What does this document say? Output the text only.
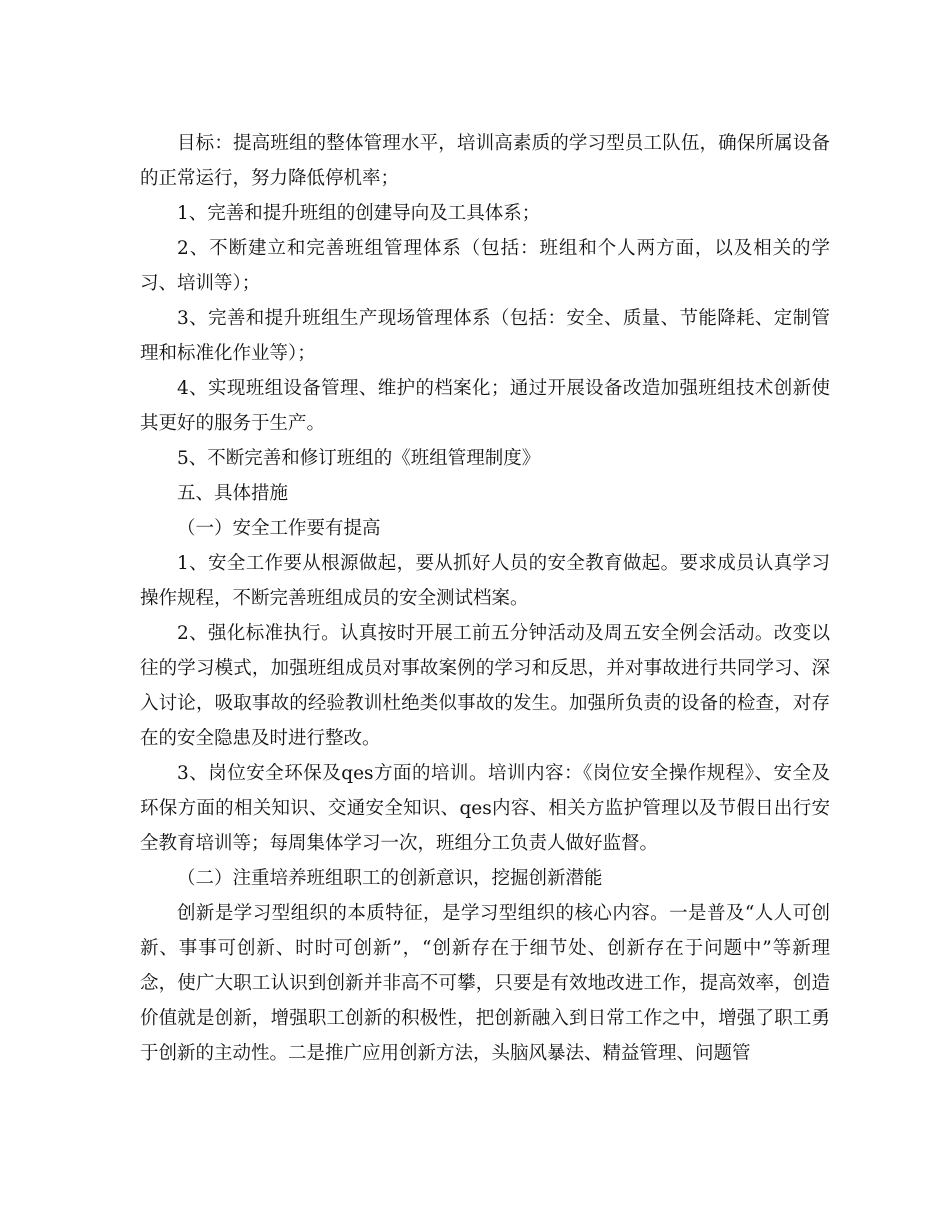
目标：提高班组的整体管理水平，培训高素质的学习型员工队伍，确保所属设备的正常运行，努力降低停机率；

1、完善和提升班组的创建导向及工具体系；

2、不断建立和完善班组管理体系（包括：班组和个人两方面，以及相关的学习、培训等）；

3、完善和提升班组生产现场管理体系（包括：安全、质量、节能降耗、定制管理和标准化作业等）；

4、实现班组设备管理、维护的档案化；通过开展设备改造加强班组技术创新使其更好的服务于生产。

5、不断完善和修订班组的《班组管理制度》

五、具体措施

（一）安全工作要有提高

1、安全工作要从根源做起，要从抓好人员的安全教育做起。要求成员认真学习操作规程，不断完善班组成员的安全测试档案。

2、强化标准执行。认真按时开展工前五分钟活动及周五安全例会活动。改变以往的学习模式，加强班组成员对事故案例的学习和反思，并对事故进行共同学习、深入讨论，吸取事故的经验教训杜绝类似事故的发生。加强所负责的设备的检查，对存在的安全隐患及时进行整改。

3、岗位安全环保及qes方面的培训。培训内容：《岗位安全操作规程》、安全及环保方面的相关知识、交通安全知识、qes内容、相关方监护管理以及节假日出行安全教育培训等；每周集体学习一次，班组分工负责人做好监督。

（二）注重培养班组职工的创新意识，挖掘创新潜能

创新是学习型组织的本质特征，是学习型组织的核心内容。一是普及“人人可创新、事事可创新、时时可创新”，“创新存在于细节处、创新存在于问题中”等新理念，使广大职工认识到创新并非高不可攀，只要是有效地改进工作，提高效率，创造价值就是创新，增强职工创新的积极性，把创新融入到日常工作之中，增强了职工勇于创新的主动性。二是推广应用创新方法，头脑风暴法、精益管理、问题管
